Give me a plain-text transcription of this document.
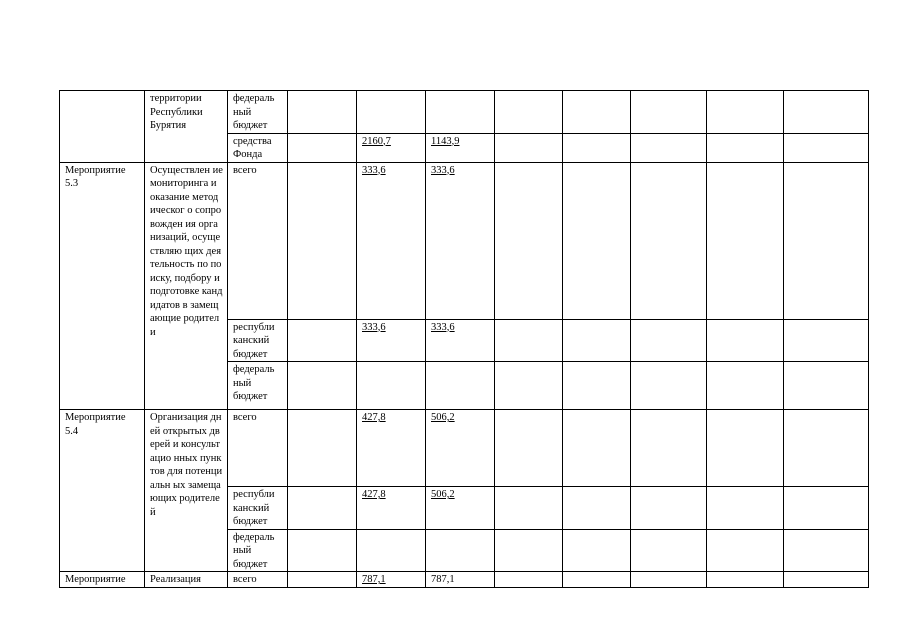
	территории Республики Бурятия	федераль ный бюджет								
		средства Фонда		2160,7	1143,9					
Мероприятие 5.3	Осуществлен ие мониторинга и оказание методическог о сопровожден ия организаций, осуществляю щих деятельность по поиску, подбору и подготовке кандидатов в замещающие родители	всего		333,6	333,6					
		республи канский бюджет		333,6	333,6					
		федераль ный бюджет								
Мероприятие 5.4	Организация дней открытых дверей и консультацио нных пунктов для потенциальн ых замещающих родителей	всего		427,8	506,2					
		республи канский бюджет		427,8	506,2					
		федераль ный бюджет								
Мероприятие	Реализация	всего		787,1	787,1					
